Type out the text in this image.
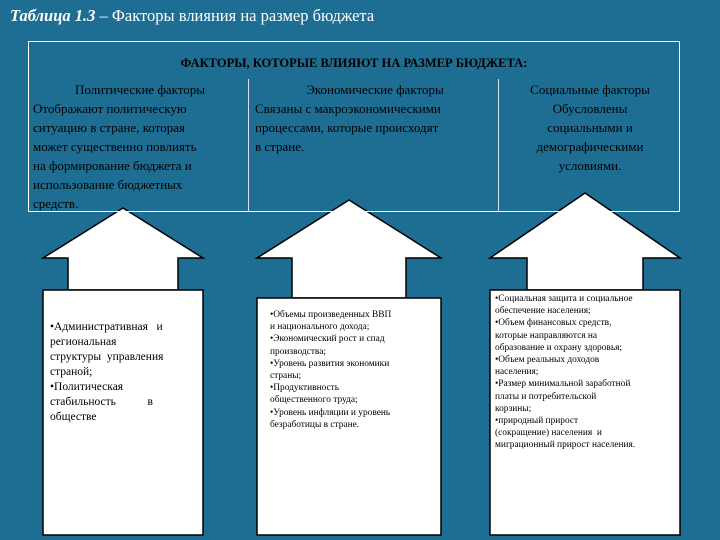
Таблица 1.3 – Факторы влияния на размер бюджета
ФАКТОРЫ, КОТОРЫЕ ВЛИЯЮТ НА РАЗМЕР БЮДЖЕТА:
Политические факторы	Экономические факторы	Социальные факторы
Отображают политическую
ситуацию в стране, которая
может существенно повлиять
на формирование бюджета и
использование бюджетных
средств.
Связаны с макроэкономическими
процессами, которые происходят
в стране.
Обусловлены
социальными и
демографическими
условиями.
•Административная   и
региональная
структуры  управления
страной;
•Политическая
стабильность           в
обществе
•Объемы произведенных ВВП
и национального дохода;
•Экономический рост и спад
производства;
•Уровень развития экономики
страны;
•Продуктивность
общественного труда;
•Уровень инфляции и уровень
безработицы в стране.
•Социальная защита и социальное
обеспечение населения;
•Объем финансовых средств,
которые направляются на
образование и охрану здоровья;
•Объем реальных доходов
населения;
•Размер минимальной заработной
платы и потребительской
корзины;
•природный прирост
(сокращение) населения  и
миграционный прирост населения.
